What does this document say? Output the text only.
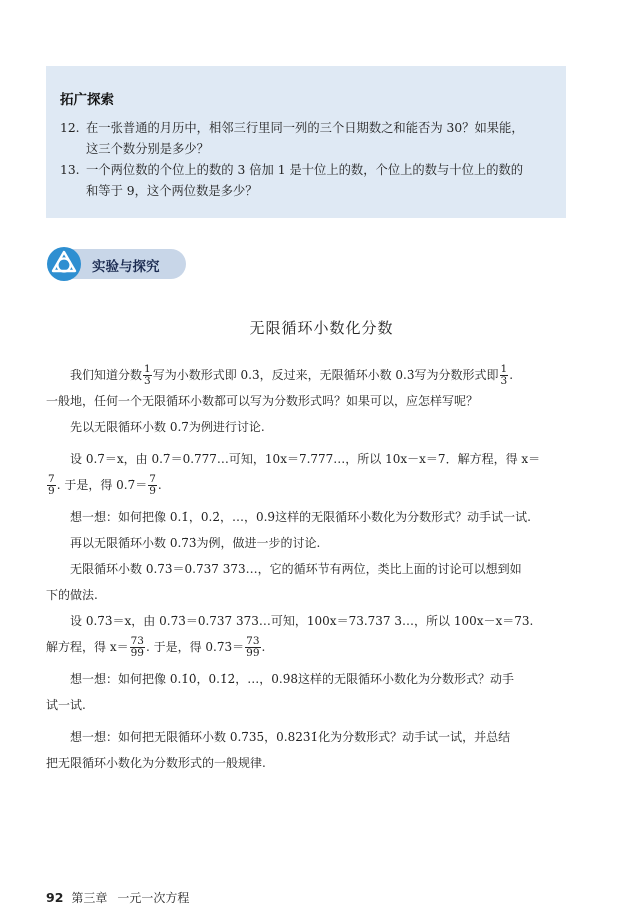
拓广探索
12. 在一张普通的月历中，相邻三行里同一列的三个日期数之和能否为 30？如果能，
这三个数分别是多少？
13. 一个两位数的个位上的数的 3 倍加 1 是十位上的数，个位上的数与十位上的数的
和等于 9，这个两位数是多少？
实验与探究
无限循环小数化分数
我们知道分数 $\frac{1}{3}$ 写为小数形式即 0.3̇，反过来，无限循环小数 0.3̇写为分数形式即 $\frac{1}{3}$ .
一般地，任何一个无限循环小数都可以写为分数形式吗？如果可以，应怎样写呢？
先以无限循环小数 0.7̇为例进行讨论.
设 0.7̇＝x，由 0.7̇＝0.777…可知，10x＝7.777…，所以 10x－x＝7．解方程，得 x＝
$\frac{7}{9}$ . 于是，得 0.7̇＝ $\frac{7}{9}$ .
想一想：如何把像 0.1̇，0.2̇，…，0.9̇这样的无限循环小数化为分数形式？动手试一试.
再以无限循环小数 0.7̇3̇为例，做进一步的讨论.
无限循环小数 0.7̇3̇＝0.737 373…，它的循环节有两位，类比上面的讨论可以想到如
下的做法.
设 0.7̇3̇＝x，由 0.7̇3̇＝0.737 373…可知，100x＝73.737 3…，所以 100x－x＝73.
解方程，得 $x= \frac{73}{99}$ . 于是，得 0.7̇3̇＝ $\frac{73}{99}$ .
想一想：如何把像 0.1̇0̇，0.1̇2̇，…，0.9̇8̇这样的无限循环小数化为分数形式？动手
试一试.
想一想：如何把无限循环小数 0.7̇35̇，0.823̇1̇化为分数形式？动手试一试，并总结
把无限循环小数化为分数形式的一般规律.
92 第三章 一元一次方程
